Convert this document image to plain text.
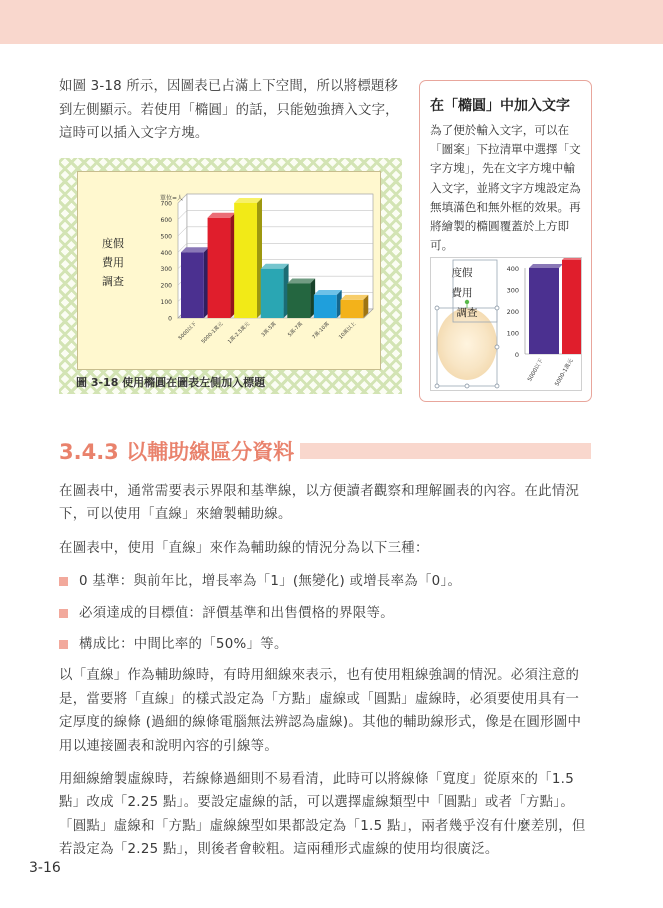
如圖 3-18 所示，因圖表已占滿上下空間，所以將標題移到左側顯示。若使用「橢圓」的話，只能勉強擠入文字，這時可以插入文字方塊。

0
100
200
300
400
500
600
700
單位=人
5000以下 5000-1萬元 1萬-2.5萬元 3萬-5萬 5萬-7萬 7萬-10萬 10萬以上
度假
費用
調查
圖 3-18 使用橢圓在圖表左側加入標題
在「橢圓」中加入文字
為了便於輸入文字，可以在「圖案」下拉清單中選擇「文字方塊」，先在文字方塊中輸入文字，並將文字方塊設定為無填滿色和無外框的效果。再將繪製的橢圓覆蓋於上方即可。
度假
費用
調查
400
300
200
100
0
5000以下	5000-1萬元
3.4.3 以輔助線區分資料

在圖表中，通常需要表示界限和基準線，以方便讀者觀察和理解圖表的內容。在此情況下，可以使用「直線」來繪製輔助線。

在圖表中，使用「直線」來作為輔助線的情況分為以下三種：

0 基準：與前年比，增長率為「1」(無變化) 或增長率為「0」。
必須達成的目標值：評價基準和出售價格的界限等。
構成比：中間比率的「50%」等。

以「直線」作為輔助線時，有時用細線來表示，也有使用粗線強調的情況。必須注意的是，當要將「直線」的樣式設定為「方點」虛線或「圓點」虛線時，必須要使用具有一定厚度的線條 (過細的線條電腦無法辨認為虛線)。其他的輔助線形式，像是在圓形圖中用以連接圖表和說明內容的引線等。

用細線繪製虛線時，若線條過細則不易看清，此時可以將線條「寬度」從原來的「1.5 點」改成「2.25 點」。要設定虛線的話，可以選擇虛線類型中「圓點」或者「方點」。「圓點」虛線和「方點」虛線線型如果都設定為「1.5 點」，兩者幾乎沒有什麼差別，但若設定為「2.25 點」，則後者會較粗。這兩種形式虛線的使用均很廣泛。

3-16
